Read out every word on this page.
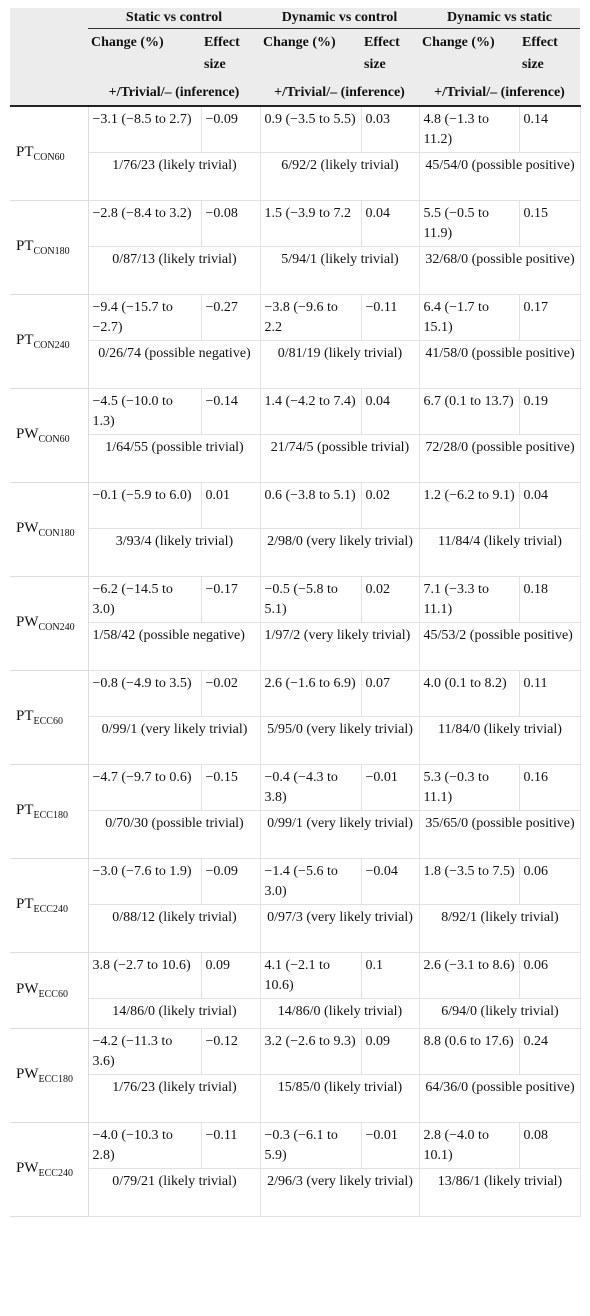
	Static vs control		Dynamic vs control		Dynamic vs static	
	Change (%)	Effect size	Change (%)	Effect size	Change (%)	Effect size
	+/Trivial/– (inference)		+/Trivial/– (inference)		+/Trivial/– (inference)	
$PT_{CON60}$	−3.1 (−8.5 to 2.7)	−0.09	0.9 (−3.5 to 5.5)	0.03	4.8 (−1.3 to 11.2)	0.14
	1/76/23 (likely trivial)		6/92/2 (likely trivial)		45/54/0 (possible positive)	
$PT_{CON180}$	−2.8 (−8.4 to 3.2)	−0.08	1.5 (−3.9 to 7.2	0.04	5.5 (−0.5 to 11.9)	0.15
	0/87/13 (likely trivial)		5/94/1 (likely trivial)		32/68/0 (possible positive)	
$PT_{CON240}$	−9.4 (−15.7 to −2.7)	−0.27	−3.8 (−9.6 to 2.2	−0.11	6.4 (−1.7 to 15.1)	0.17
	0/26/74 (possible negative)		0/81/19 (likely trivial)		41/58/0 (possible positive)	
$PW_{CON60}$	−4.5 (−10.0 to 1.3)	−0.14	1.4 (−4.2 to 7.4)	0.04	6.7 (0.1 to 13.7)	0.19
	1/64/55 (possible trivial)		21/74/5 (possible trivial)		72/28/0 (possible positive)	
$PW_{CON180}$	−0.1 (−5.9 to 6.0)	0.01	0.6 (−3.8 to 5.1)	0.02	1.2 (−6.2 to 9.1)	0.04
	3/93/4 (likely trivial)		2/98/0 (very likely trivial)		11/84/4 (likely trivial)	
$PW_{CON240}$	−6.2 (−14.5 to 3.0)	−0.17	−0.5 (−5.8 to 5.1)	0.02	7.1 (−3.3 to 11.1)	0.18
	1/58/42 (possible negative)		1/97/2 (very likely trivial)		45/53/2 (possible positive)	
$PT_{ECC60}$	−0.8 (−4.9 to 3.5)	−0.02	2.6 (−1.6 to 6.9)	0.07	4.0 (0.1 to 8.2)	0.11
	0/99/1 (very likely trivial)		5/95/0 (very likely trivial)		11/84/0 (likely trivial)	
$PT_{ECC180}$	−4.7 (−9.7 to 0.6)	−0.15	−0.4 (−4.3 to 3.8)	−0.01	5.3 (−0.3 to 11.1)	0.16
	0/70/30 (possible trivial)		0/99/1 (very likely trivial)		35/65/0 (possible positive)	
$PT_{ECC240}$	−3.0 (−7.6 to 1.9)	−0.09	−1.4 (−5.6 to 3.0)	−0.04	1.8 (−3.5 to 7.5)	0.06
	0/88/12 (likely trivial)		0/97/3 (very likely trivial)		8/92/1 (likely trivial)	
$PW_{ECC60}$	3.8 (−2.7 to 10.6)	0.09	4.1 (−2.1 to 10.6)	0.1	2.6 (−3.1 to 8.6)	0.06
	14/86/0 (likely trivial)		14/86/0 (likely trivial)		6/94/0 (likely trivial)	
$PW_{ECC180}$	−4.2 (−11.3 to 3.6)	−0.12	3.2 (−2.6 to 9.3)	0.09	8.8 (0.6 to 17.6)	0.24
	1/76/23 (likely trivial)		15/85/0 (likely trivial)		64/36/0 (possible positive)	
$PW_{ECC240}$	−4.0 (−10.3 to 2.8)	−0.11	−0.3 (−6.1 to 5.9)	−0.01	2.8 (−4.0 to 10.1)	0.08
	0/79/21 (likely trivial)		2/96/3 (very likely trivial)		13/86/1 (likely trivial)	
